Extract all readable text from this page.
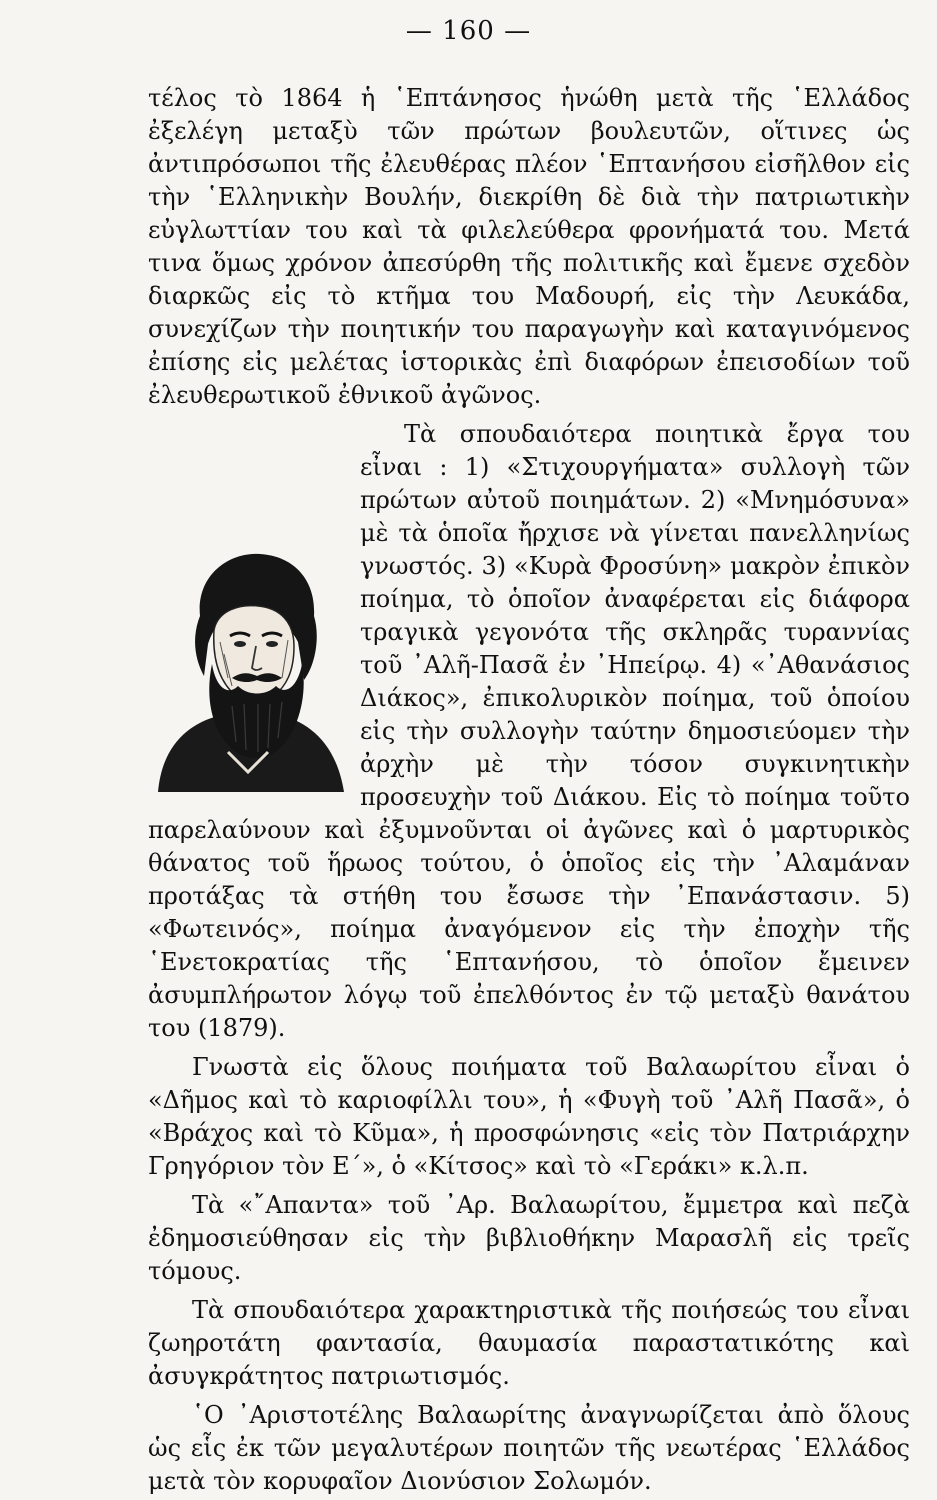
— 160 —

τέλος τὸ 1864 ἡ ῾Επτάνησος ἡνώθη μετὰ τῆς ῾Ελλάδος ἐξελέγη μεταξὺ τῶν πρώτων βουλευτῶν, οἵτινες ὡς ἀντιπρόσωποι τῆς ἐλευθέρας πλέον ῾Επτανήσου εἰσῆλθον εἰς τὴν ῾Ελληνικὴν Βουλήν, διεκρίθη δὲ διὰ τὴν πατριωτικὴν εὐγλωττίαν του καὶ τὰ φιλελεύθερα φρονήματά του. Μετά τινα ὅμως χρόνον ἀπεσύρθη τῆς πολιτικῆς καὶ ἔμενε σχεδὸν διαρκῶς εἰς τὸ κτῆμα του Μαδουρή, εἰς τὴν Λευκάδα, συνεχίζων τὴν ποιητικήν του παραγωγὴν καὶ καταγινόμενος ἐπίσης εἰς μελέτας ἱστορικὰς ἐπὶ διαφόρων ἐπεισοδίων τοῦ ἐλευθερωτικοῦ ἐθνικοῦ ἀγῶνος.

Τὰ σπουδαιότερα ποιητικὰ ἔργα του εἶναι : 1) «Στιχουργήματα» συλλογὴ τῶν πρώτων αὐτοῦ ποιημάτων. 2) «Μνημόσυνα» μὲ τὰ ὁποῖα ἤρχισε νὰ γίνεται πανελληνίως γνωστός. 3) «Κυρὰ Φροσύνη» μακρὸν ἐπικὸν ποίημα, τὸ ὁποῖον ἀναφέρεται εἰς διάφορα τραγικὰ γεγονότα τῆς σκληρᾶς τυραννίας τοῦ ᾿Αλῆ-Πασᾶ ἐν ᾿Ηπείρῳ. 4) «᾿Αθανάσιος Διάκος», ἐπικολυρικὸν ποίημα, τοῦ ὁποίου εἰς τὴν συλλογὴν ταύτην δημοσιεύομεν τὴν ἀρχὴν μὲ τὴν τόσον συγκινητικὴν προσευχὴν τοῦ Διάκου. Εἰς τὸ ποίημα τοῦτο παρελαύνουν καὶ ἐξυμνοῦνται οἱ ἀγῶνες καὶ ὁ μαρτυρικὸς θάνατος τοῦ ἥρωος τούτου, ὁ ὁποῖος εἰς τὴν ᾿Αλαμάναν προτάξας τὰ στήθη του ἔσωσε τὴν ᾿Επανάστασιν. 5) «Φωτεινός», ποίημα ἀναγόμενον εἰς τὴν ἐποχὴν τῆς ῾Ενετοκρατίας τῆς ῾Επτανήσου, τὸ ὁποῖον ἔμεινεν ἀσυμπλήρωτον λόγῳ τοῦ ἐπελθόντος ἐν τῷ μεταξὺ θανάτου του (1879).

Γνωστὰ εἰς ὅλους ποιήματα τοῦ Βαλαωρίτου εἶναι ὁ «Δῆμος καὶ τὸ καριοφίλλι του», ἡ «Φυγὴ τοῦ ᾿Αλῆ Πασᾶ», ὁ «Βράχος καὶ τὸ Κῦμα», ἡ προσφώνησις «εἰς τὸν Πατριάρχην Γρηγόριον τὸν Ε΄», ὁ «Κίτσος» καὶ τὸ «Γεράκι» κ.λ.π.

Τὰ «῎Απαντα» τοῦ ᾿Αρ. Βαλαωρίτου, ἔμμετρα καὶ πεζὰ ἐδημοσιεύθησαν εἰς τὴν βιβλιοθήκην Μαρασλῆ εἰς τρεῖς τόμους.

Τὰ σπουδαιότερα χαρακτηριστικὰ τῆς ποιήσεώς του εἶναι ζωηροτάτη φαντασία, θαυμασία παραστατικότης καὶ ἀσυγκράτητος πατριωτισμός.

῾Ο ᾿Αριστοτέλης Βαλαωρίτης ἀναγνωρίζεται ἀπὸ ὅλους ὡς εἷς ἐκ τῶν μεγαλυτέρων ποιητῶν τῆς νεωτέρας ῾Ελλάδος μετὰ τὸν κορυφαῖον Διονύσιον Σολωμόν.
